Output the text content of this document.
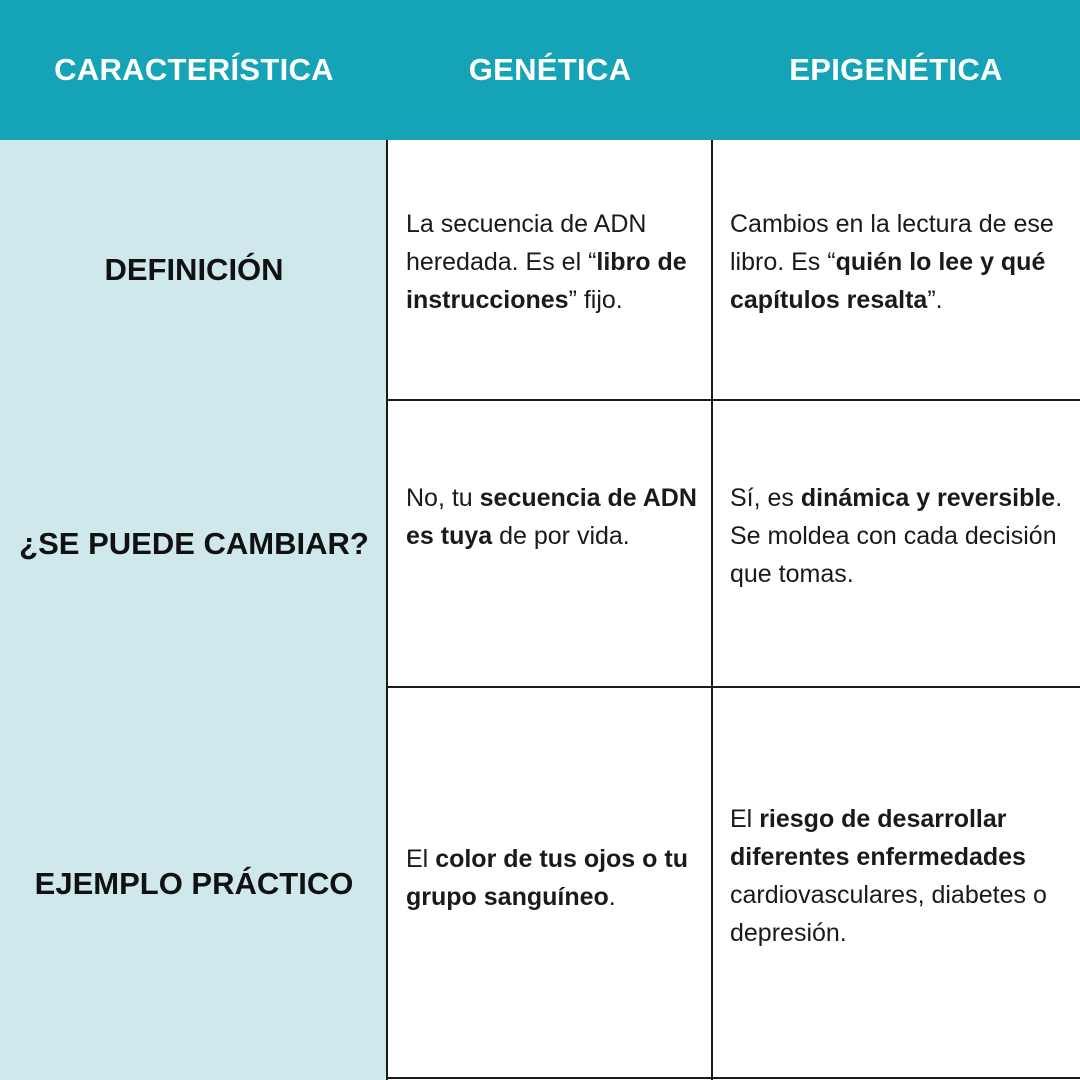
CARACTERÍSTICA	GENÉTICA	EPIGENÉTICA
DEFINICIÓN
¿SE PUEDE CAMBIAR?
EJEMPLO PRÁCTICO

La secuencia de ADN heredada. Es el “libro de instrucciones” fijo.

Cambios en la lectura de ese libro. Es “quién lo lee y qué capítulos resalta”.

No, tu secuencia de ADN es tuya de por vida.

Sí, es dinámica y reversible. Se moldea con cada decisión que tomas.

El color de tus ojos o tu grupo sanguíneo.

El riesgo de desarrollar diferentes enfermedades cardiovasculares, diabetes o depresión.
